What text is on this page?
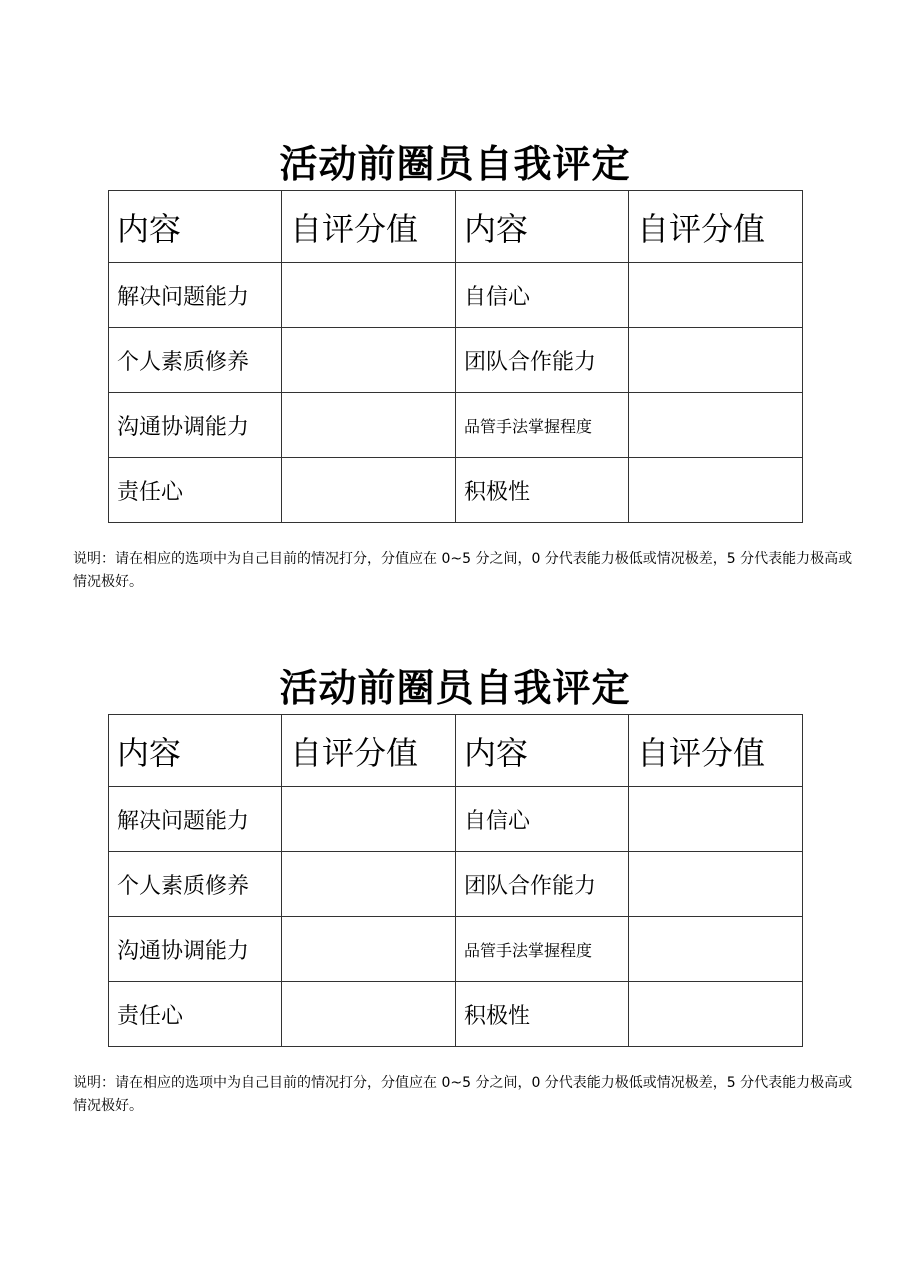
活动前圈员自我评定
内容	自评分值	内容	自评分值
解决问题能力		自信心	
个人素质修养		团队合作能力	
沟通协调能力		品管手法掌握程度	
责任心		积极性	
说明：请在相应的选项中为自己目前的情况打分，分值应在 0~5 分之间，0 分代表能力极低或情况极差，5 分代表能力极高或情况极好。
活动前圈员自我评定
内容	自评分值	内容	自评分值
解决问题能力		自信心	
个人素质修养		团队合作能力	
沟通协调能力		品管手法掌握程度	
责任心		积极性	
说明：请在相应的选项中为自己目前的情况打分，分值应在 0~5 分之间，0 分代表能力极低或情况极差，5 分代表能力极高或情况极好。
